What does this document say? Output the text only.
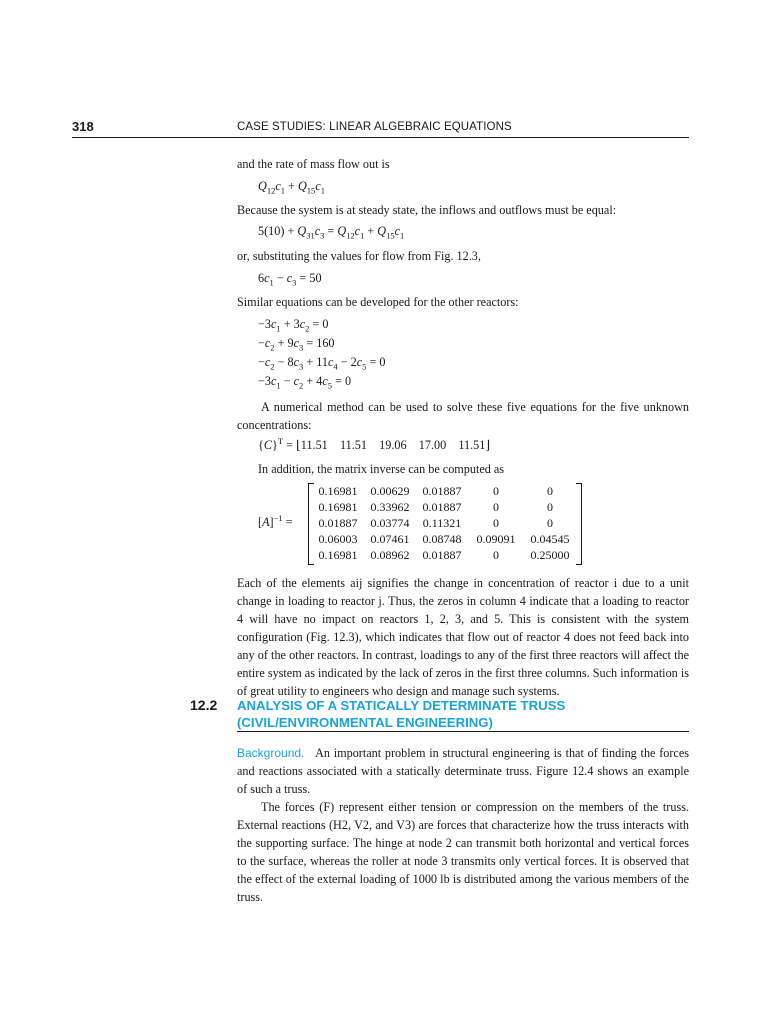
318	CASE STUDIES: LINEAR ALGEBRAIC EQUATIONS
and the rate of mass flow out is
$Q_{12}c_1 + Q_{15}c_1$
Because the system is at steady state, the inflows and outflows must be equal:
$5(10) + Q_{31}c_3 = Q_{12}c_1 + Q_{15}c_1$
or, substituting the values for flow from Fig. 12.3,
$6c_1 - c_3 = 50$
Similar equations can be developed for the other reactors:
$-3c_1 + 3c_2 = 0$
$-c_2 + 9c_3 = 160$
$-c_2 - 8c_3 + 11c_4 - 2c_5 = 0$
$-3c_1 - c_2 + 4c_5 = 0$
A numerical method can be used to solve these five equations for the five unknown concentrations:
$\{C\}^T$ = ⌊11.51 11.51 19.06 17.00 11.51⌋
In addition, the matrix inverse can be computed as
$[A]^{-1}$ =
0.16981	0.00629	0.01887	0	0
0.16981	0.33962	0.01887	0	0
0.01887	0.03774	0.11321	0	0
0.06003	0.07461	0.08748	0.09091	0.04545
0.16981	0.08962	0.01887	0	0.25000
Each of the elements aij signifies the change in concentration of reactor i due to a unit change in loading to reactor j. Thus, the zeros in column 4 indicate that a loading to reactor 4 will have no impact on reactors 1, 2, 3, and 5. This is consistent with the system configuration (Fig. 12.3), which indicates that flow out of reactor 4 does not feed back into any of the other reactors. In contrast, loadings to any of the first three reactors will affect the entire system as indicated by the lack of zeros in the first three columns. Such information is of great utility to engineers who design and manage such systems.
12.2 ANALYSIS OF A STATICALLY DETERMINATE TRUSS
(CIVIL/ENVIRONMENTAL ENGINEERING)
Background. An important problem in structural engineering is that of finding the forces and reactions associated with a statically determinate truss. Figure 12.4 shows an example of such a truss.
The forces (F) represent either tension or compression on the members of the truss. External reactions (H2, V2, and V3) are forces that characterize how the truss interacts with the supporting surface. The hinge at node 2 can transmit both horizontal and vertical forces to the surface, whereas the roller at node 3 transmits only vertical forces. It is observed that the effect of the external loading of 1000 lb is distributed among the various members of the truss.
